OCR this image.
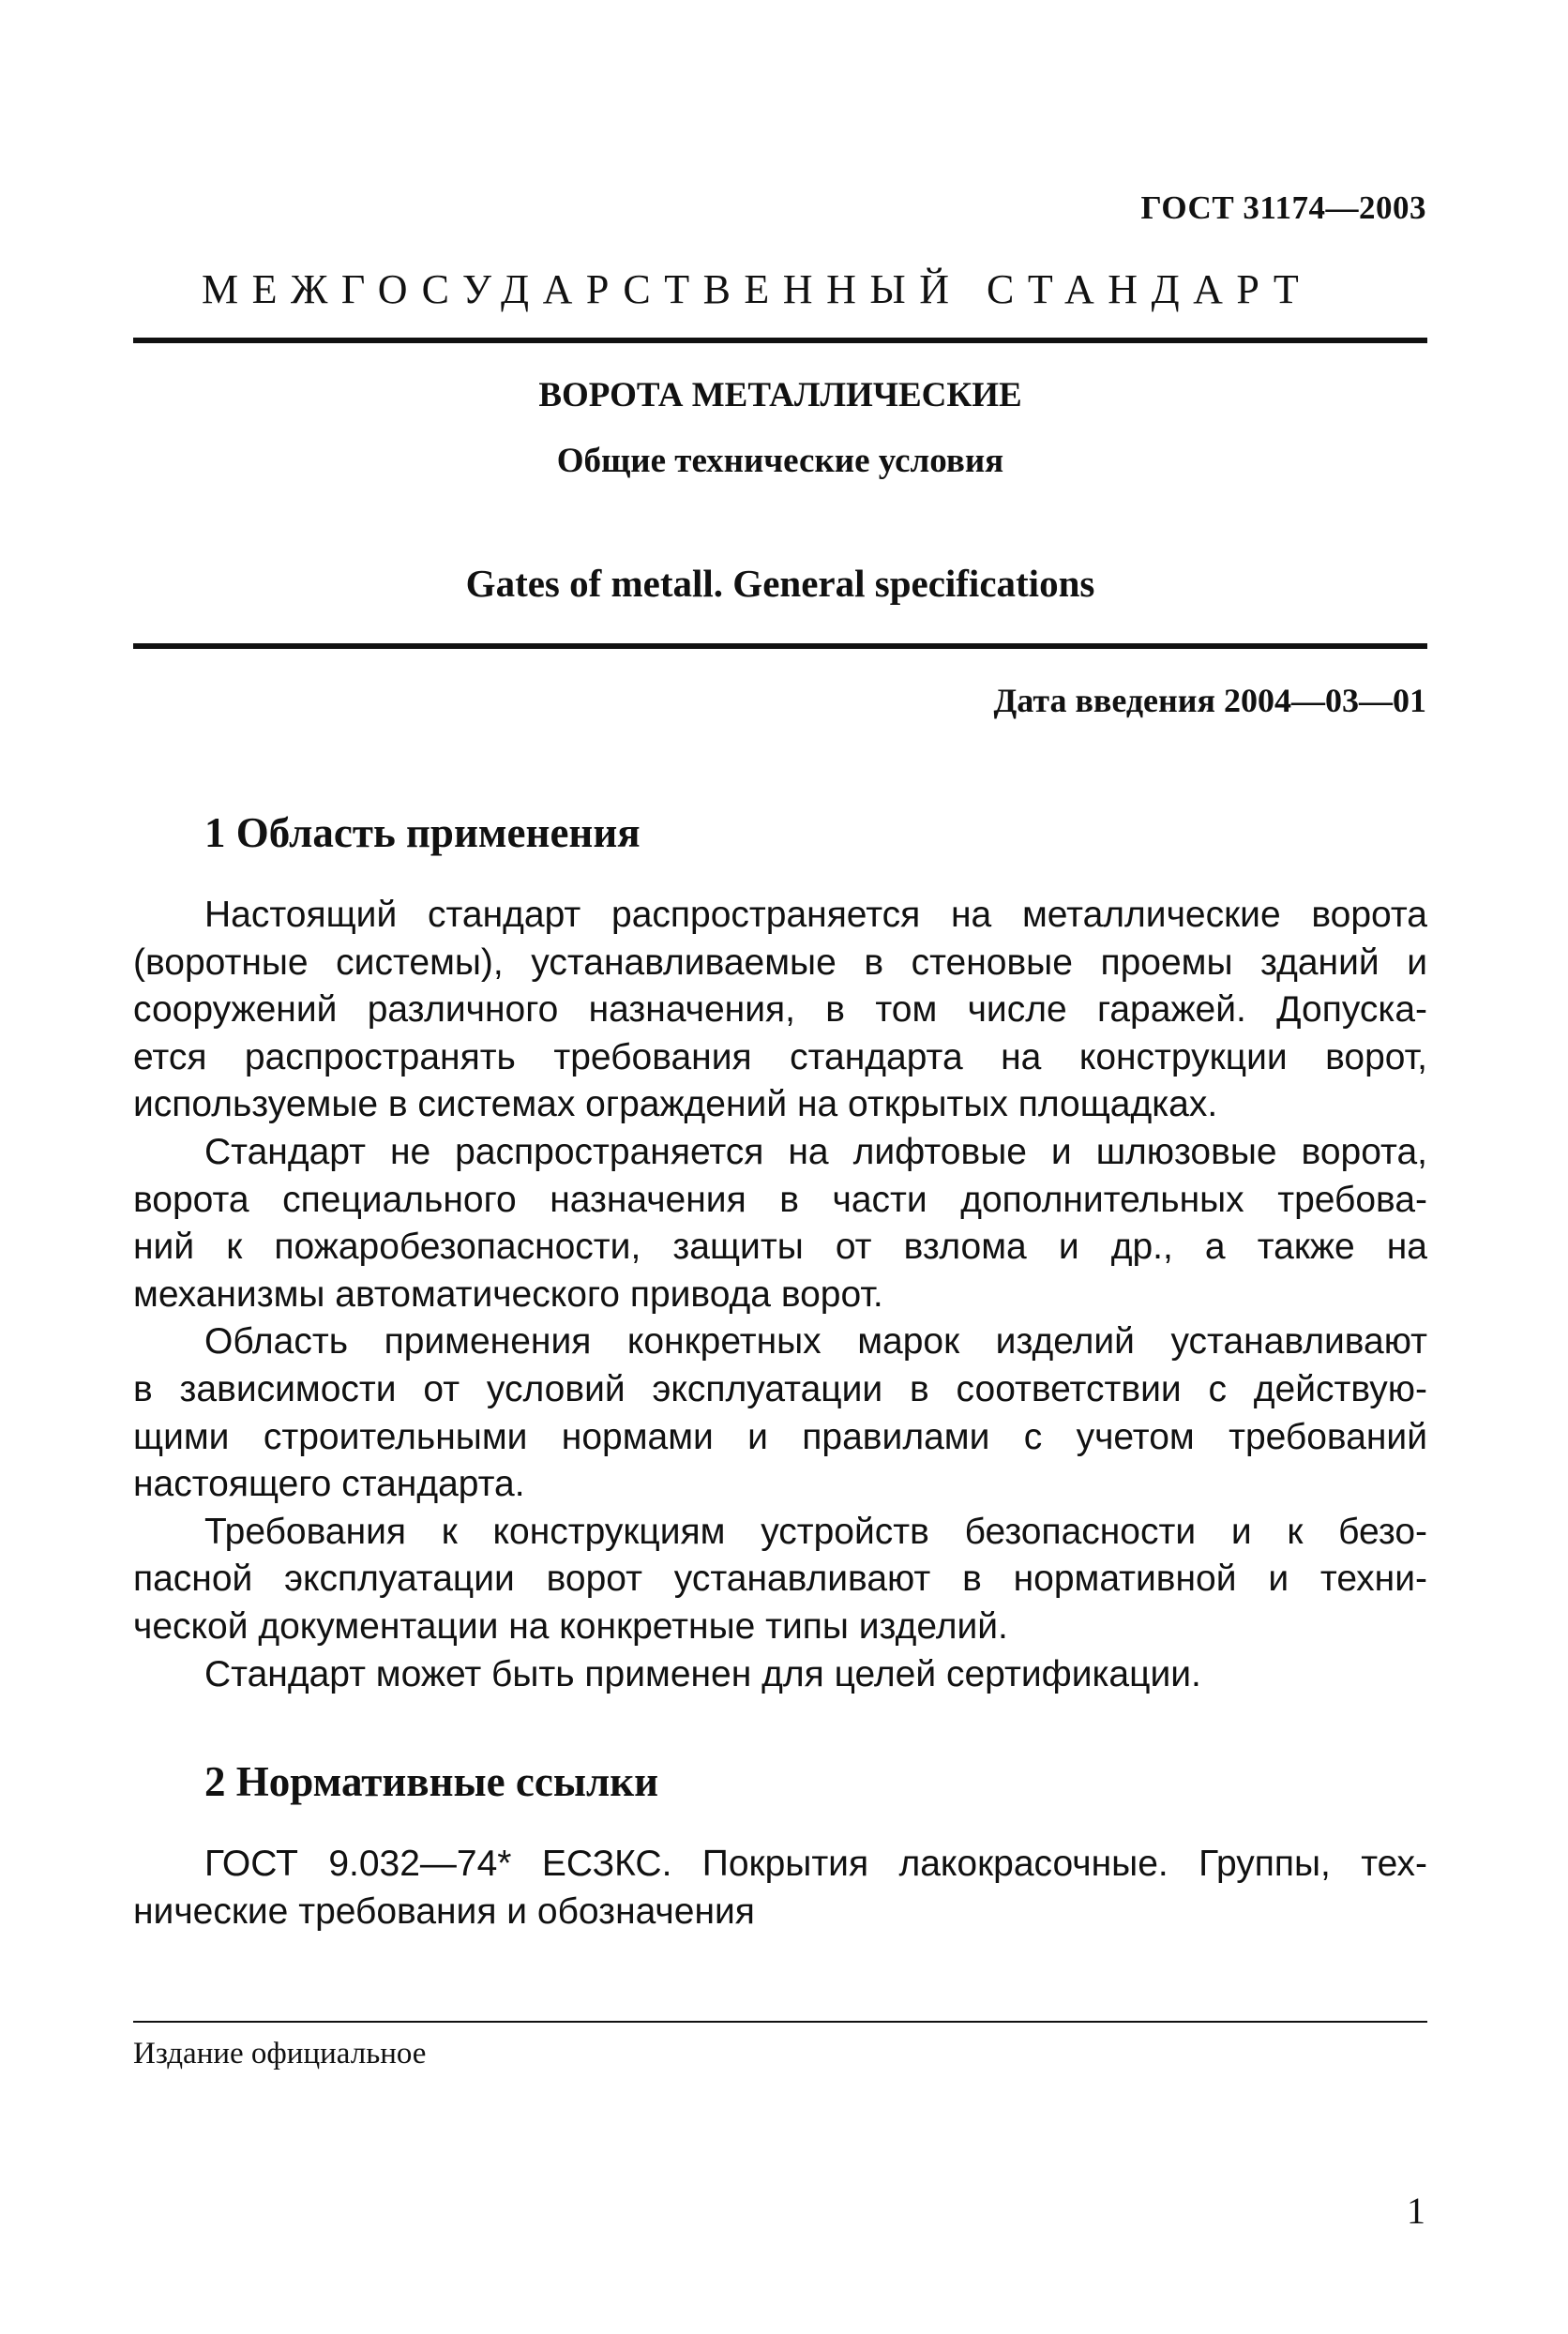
ГОСТ 31174—2003
МЕЖГОСУДАРСТВЕННЫЙ СТАНДАРТ
ВОРОТА МЕТАЛЛИЧЕСКИЕ
Общие технические условия
Gates of metall. General specifications
Дата введения 2004—03—01
1 Область применения
Настоящий стандарт распространяется на металлические ворота
(воротные системы), устанавливаемые в стеновые проемы зданий и
сооружений различного назначения, в том числе гаражей. Допуска-
ется распространять требования стандарта на конструкции ворот,
используемые в системах ограждений на открытых площадках.
Стандарт не распространяется на лифтовые и шлюзовые ворота,
ворота специального назначения в части дополнительных требова-
ний к пожаробезопасности, защиты от взлома и др., а также на
механизмы автоматического привода ворот.
Область применения конкретных марок изделий устанавливают
в зависимости от условий эксплуатации в соответствии с действую-
щими строительными нормами и правилами с учетом требований
настоящего стандарта.
Требования к конструкциям устройств безопасности и к безо-
пасной эксплуатации ворот устанавливают в нормативной и техни-
ческой документации на конкретные типы изделий.
Стандарт может быть применен для целей сертификации.
2 Нормативные ссылки
ГОСТ 9.032—74* ЕСЗКС. Покрытия лакокрасочные. Группы, тех-
нические требования и обозначения
Издание официальное
1
